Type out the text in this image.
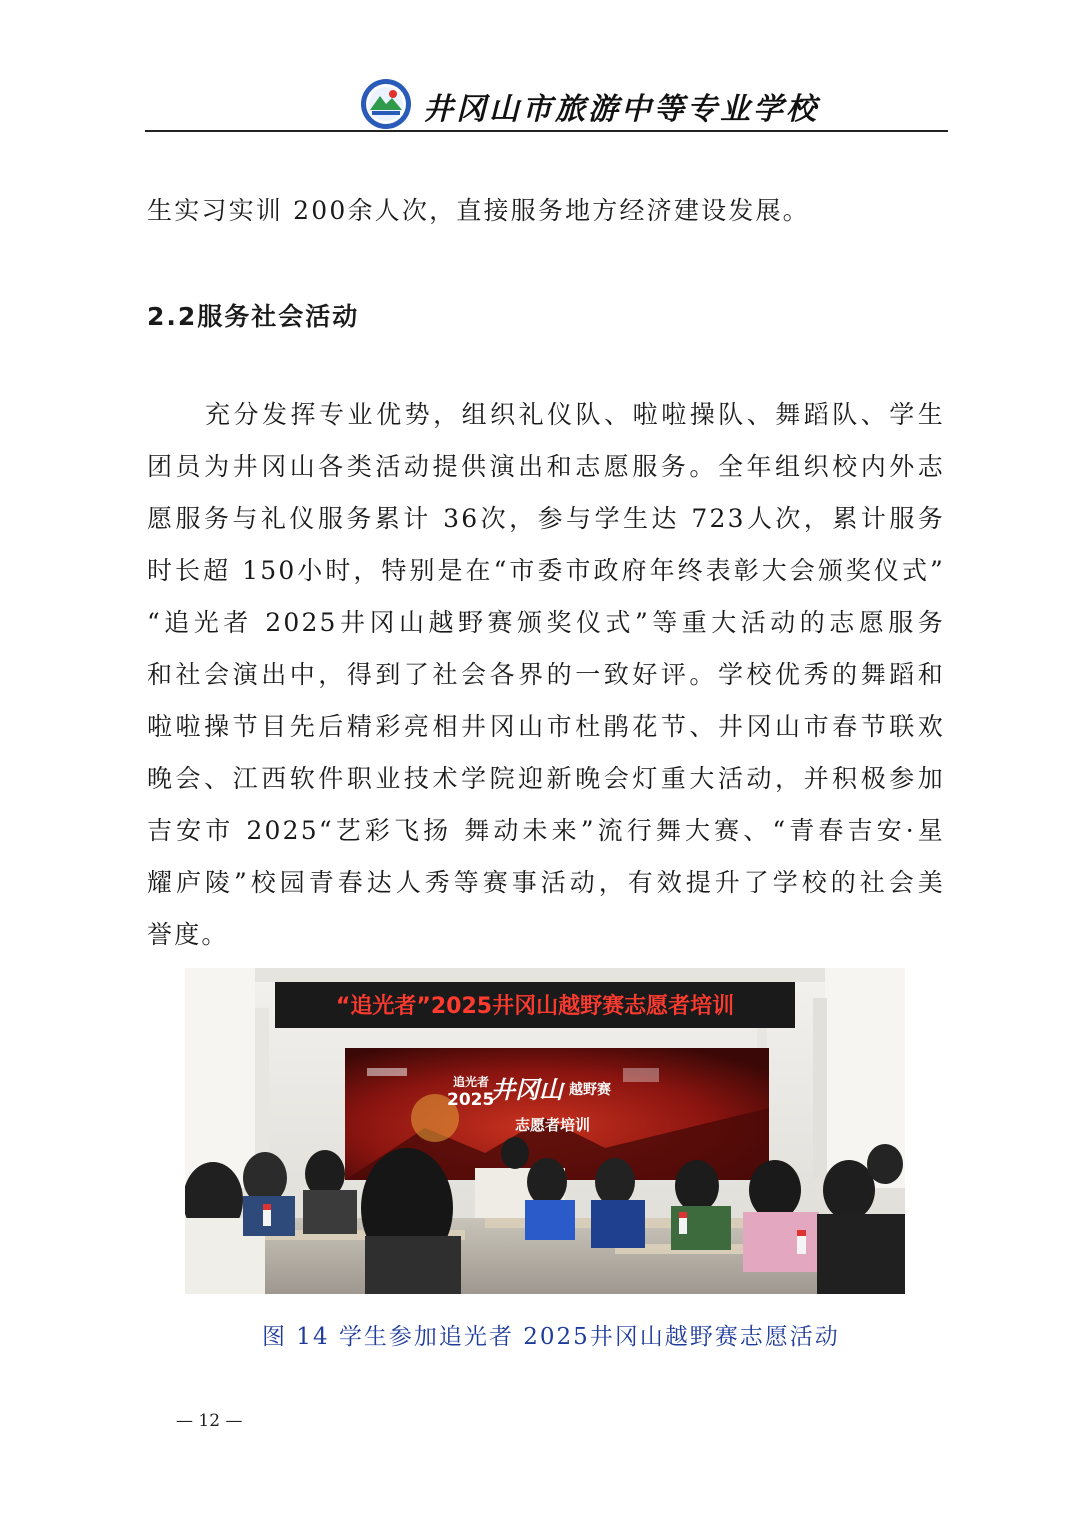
井冈山市旅游中等专业学校
生实习实训 200余人次，直接服务地方经济建设发展。
2.2服务社会活动
充分发挥专业优势，组织礼仪队、啦啦操队、舞蹈队、学生
团员为井冈山各类活动提供演出和志愿服务。全年组织校内外志
愿服务与礼仪服务累计 36次，参与学生达 723人次，累计服务
时长超 150小时，特别是在“市委市政府年终表彰大会颁奖仪式”
“追光者 2025井冈山越野赛颁奖仪式”等重大活动的志愿服务
和社会演出中，得到了社会各界的一致好评。学校优秀的舞蹈和
啦啦操节目先后精彩亮相井冈山市杜鹃花节、井冈山市春节联欢
晚会、江西软件职业技术学院迎新晚会灯重大活动，并积极参加
吉安市 2025“艺彩飞扬 舞动未来”流行舞大赛、“青春吉安·星
耀庐陵”校园青春达人秀等赛事活动，有效提升了学校的社会美
誉度。
“追光者”2025井冈山越野赛志愿者培训
追光者
2025
井冈山 越野赛
志愿者培训
图 14 学生参加追光者 2025井冈山越野赛志愿活动
— 12 —
